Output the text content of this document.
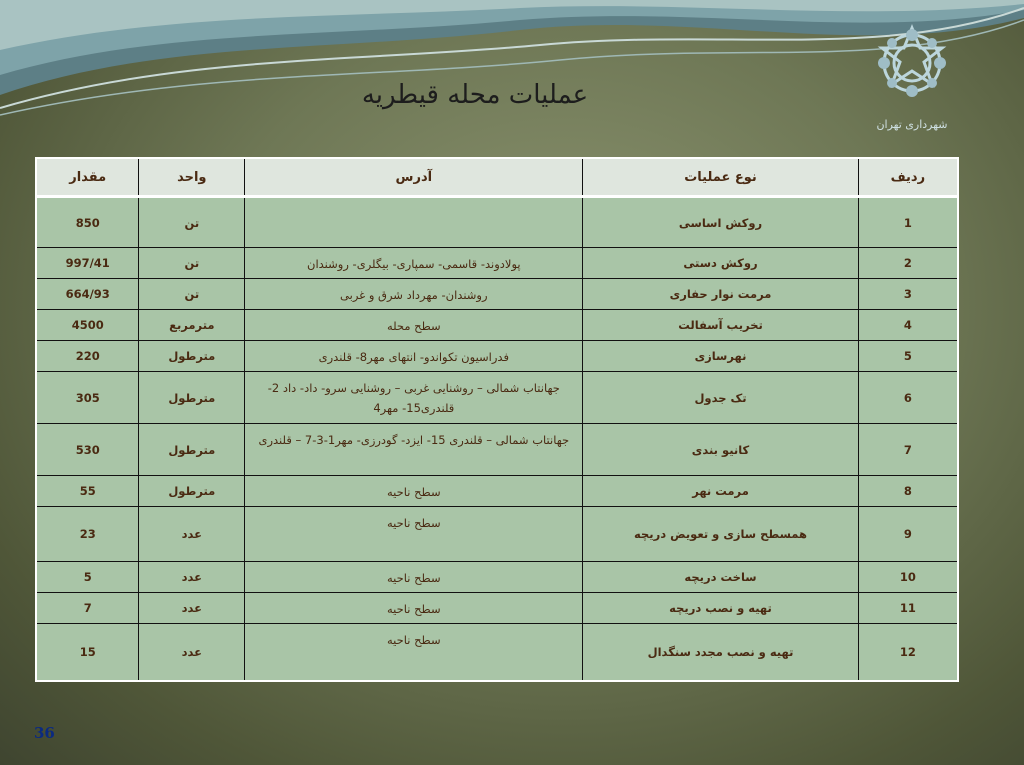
شهرداری تهران
عملیات محله قیطریه
ردیف	نوع عملیات	آدرس	واحد	مقدار
1	روکش اساسی		تن	850
2	روکش دستی	پولادوند- قاسمی- سمپاری- بیگلری- روشندان	تن	997/41
3	مرمت نوار حفاری	روشندان- مهرداد شرق و غربی	تن	664/93
4	تخریب آسفالت	سطح محله	مترمربع	4500
5	نهرسازی	فدراسیون تکواندو- انتهای مهر8- قلندری	مترطول	220
6	تک جدول	جهانتاب شمالی – روشنایی غربی – روشنایی سرو- داد- داد 2- قلندری15- مهر4	مترطول	305
7	کانیو بندی	جهانتاب شمالی – قلندری 15- ایزد- گودرزی- مهر1-3-7 – قلندری	مترطول	530
8	مرمت نهر	سطح ناحیه	مترطول	55
9	همسطح سازی و تعویض دریچه	سطح ناحیه	عدد	23
10	ساخت دریچه	سطح ناحیه	عدد	5
11	تهیه و نصب دریچه	سطح ناحیه	عدد	7
12	تهیه و نصب مجدد سنگدال	سطح ناحیه	عدد	15
36
